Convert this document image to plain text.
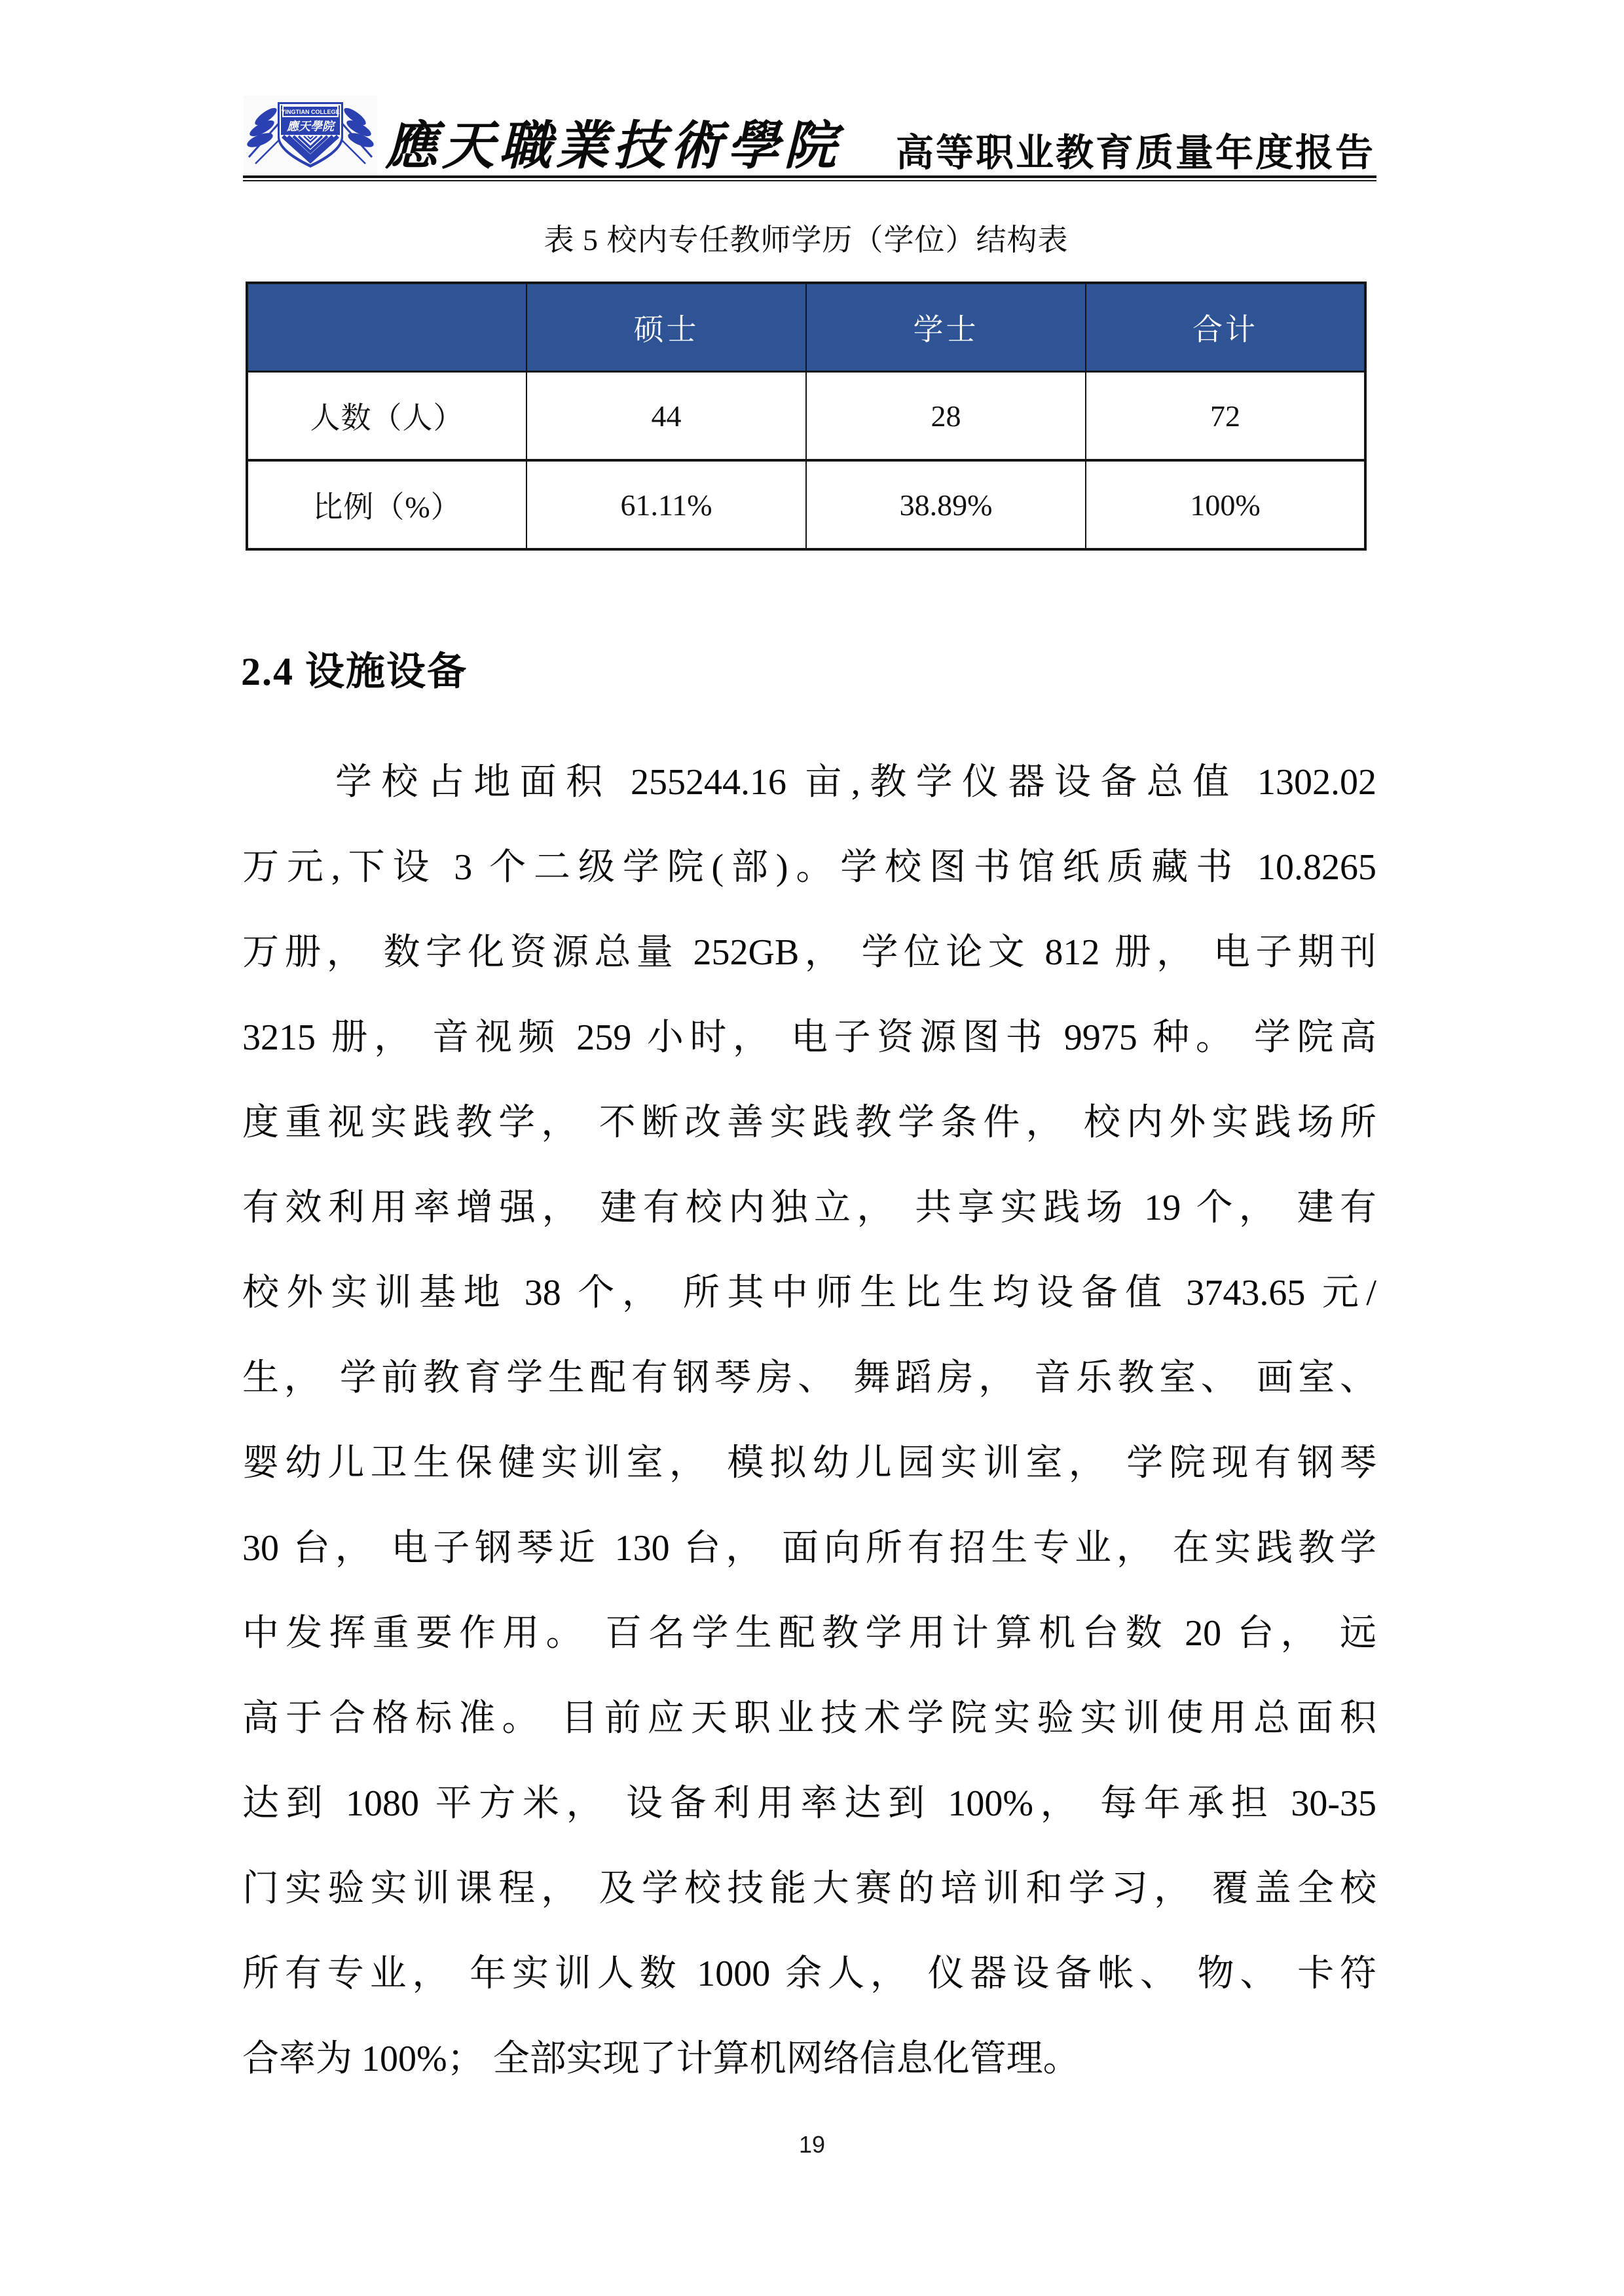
YINGTIAN COLLEGE
應天學院 應天職業技術學院 高等职业教育质量年度报告
表 5 校内专任教师学历（学位）结构表
	硕士	学士	合计
人数（人）	44	28	72
比例（%）	61.11%	38.89%	100%
2.4 设施设备
学校占地面积 255244.16 亩,教学仪器设备总值 1302.02
万元,下设 3 个二级学院(部)。学校图书馆纸质藏书 10.8265
万册， 数字化资源总量 252GB， 学位论文 812 册， 电子期刊
3215 册， 音视频 259 小时， 电子资源图书 9975 种。 学院高
度重视实践教学， 不断改善实践教学条件， 校内外实践场所
有效利用率增强， 建有校内独立， 共享实践场 19 个， 建有
校外实训基地 38 个， 所其中师生比生均设备值 3743.65 元/
生， 学前教育学生配有钢琴房、 舞蹈房， 音乐教室、 画室、
婴幼儿卫生保健实训室， 模拟幼儿园实训室， 学院现有钢琴
30 台， 电子钢琴近 130 台， 面向所有招生专业， 在实践教学
中发挥重要作用。 百名学生配教学用计算机台数 20 台， 远
高于合格标准。 目前应天职业技术学院实验实训使用总面积
达到 1080 平方米， 设备利用率达到 100%， 每年承担 30-35
门实验实训课程， 及学校技能大赛的培训和学习， 覆盖全校
所有专业， 年实训人数 1000 余人， 仪器设备帐、 物、 卡符
合率为 100%； 全部实现了计算机网络信息化管理。
19
